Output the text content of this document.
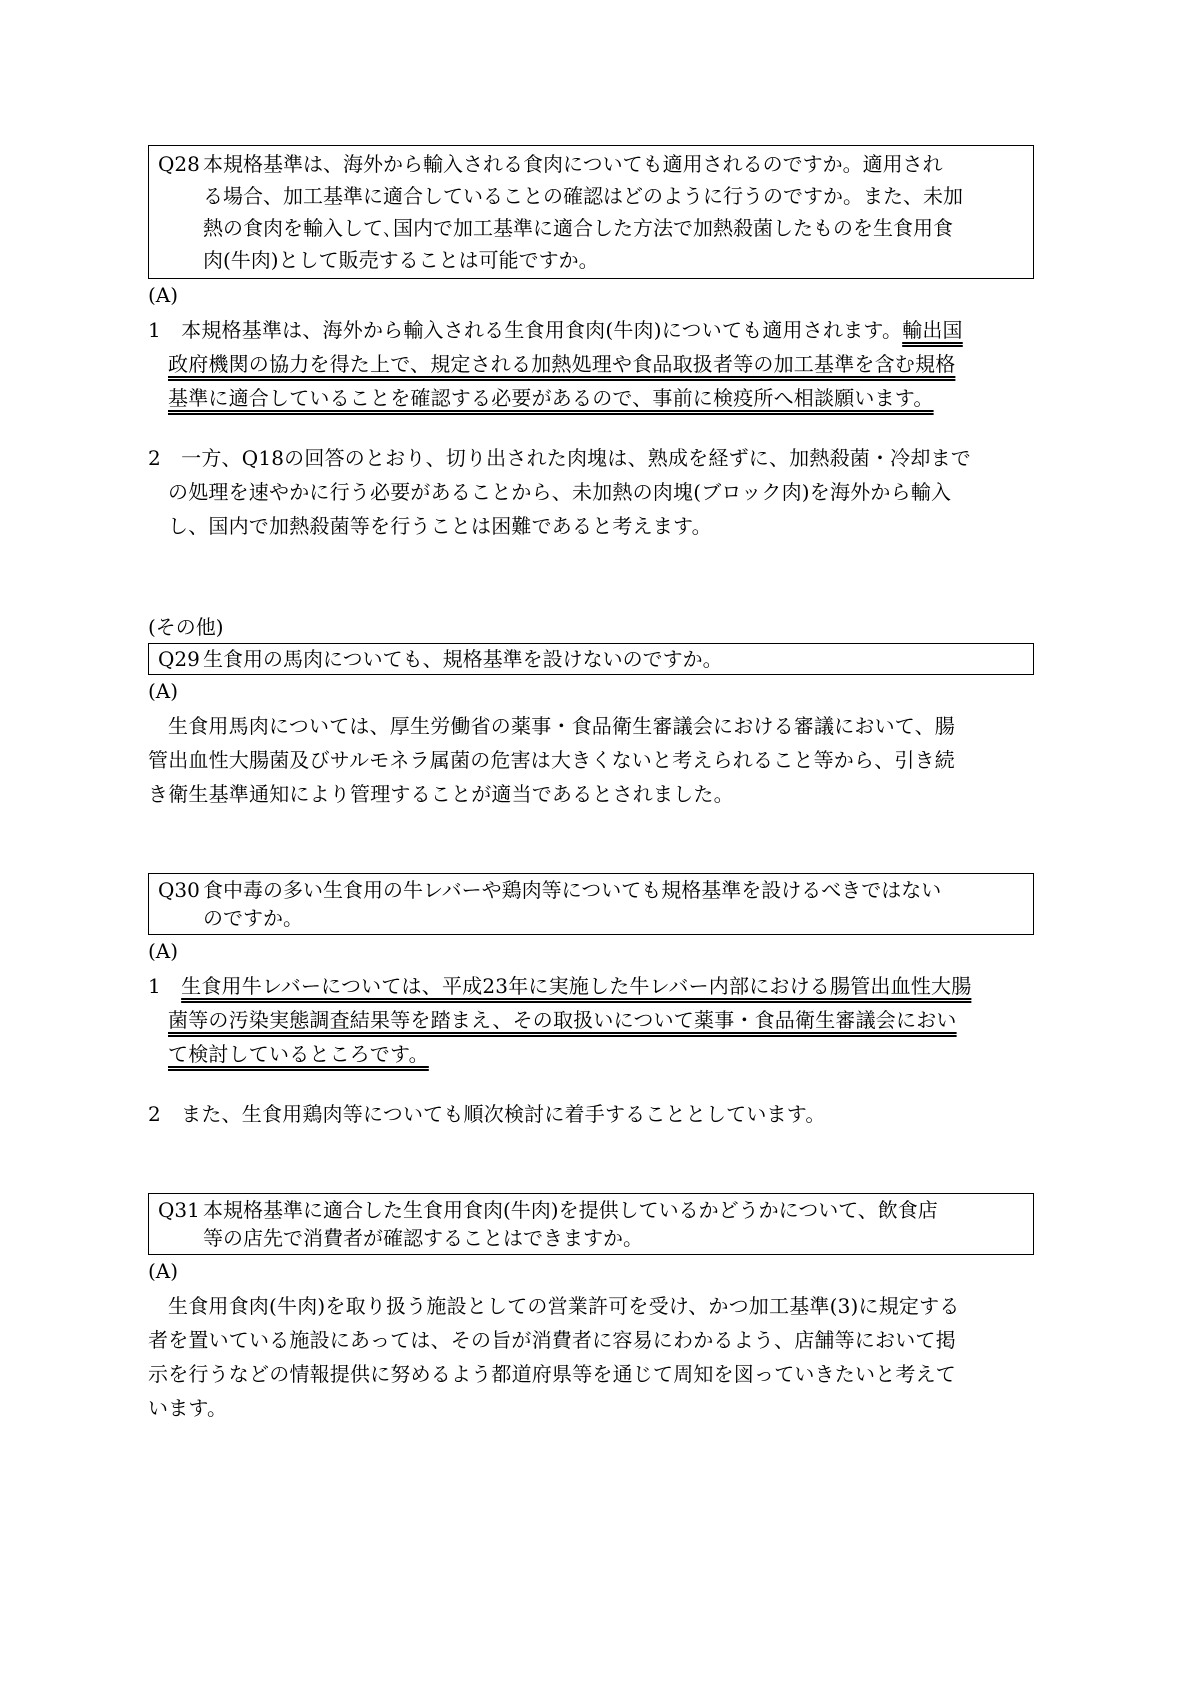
Q28 本規格基準は、海外から輸入される食肉についても適用されるのですか。適用され
る場合、加工基準に適合していることの確認はどのように行うのですか。また、未加
熱の食肉を輸入して､国内で加工基準に適合した方法で加熱殺菌したものを生食用食
肉(牛肉)として販売することは可能ですか。
(A)
1　 本規格基準は、海外から輸入される生食用食肉(牛肉)についても適用されます。輸出国
政府機関の協力を得た上で、規定される加熱処理や食品取扱者等の加工基準を含む規格
基準に適合していることを確認する必要があるので、事前に検疫所へ相談願います。
2　 一方、Q18の回答のとおり、切り出された肉塊は、熟成を経ずに、加熱殺菌・冷却まで
の処理を速やかに行う必要があることから、未加熱の肉塊(ブロック肉)を海外から輸入
し、国内で加熱殺菌等を行うことは困難であると考えます。
(その他)
Q29 生食用の馬肉についても、規格基準を設けないのですか。
(A)
生食用馬肉については、厚生労働省の薬事・食品衛生審議会における審議において、腸
管出血性大腸菌及びサルモネラ属菌の危害は大きくないと考えられること等から、引き続
き衛生基準通知により管理することが適当であるとされました。
Q30 食中毒の多い生食用の牛レバーや鶏肉等についても規格基準を設けるべきではない
のですか。
(A)
1　 生食用牛レバーについては、平成23年に実施した牛レバー内部における腸管出血性大腸
菌等の汚染実態調査結果等を踏まえ、その取扱いについて薬事・食品衛生審議会におい
て検討しているところです。
2　 また、生食用鶏肉等についても順次検討に着手することとしています。
Q31 本規格基準に適合した生食用食肉(牛肉)を提供しているかどうかについて、飲食店
等の店先で消費者が確認することはできますか。
(A)
生食用食肉(牛肉)を取り扱う施設としての営業許可を受け、かつ加工基準(3)に規定する
者を置いている施設にあっては、その旨が消費者に容易にわかるよう、店舗等において掲
示を行うなどの情報提供に努めるよう都道府県等を通じて周知を図っていきたいと考えて
います。
